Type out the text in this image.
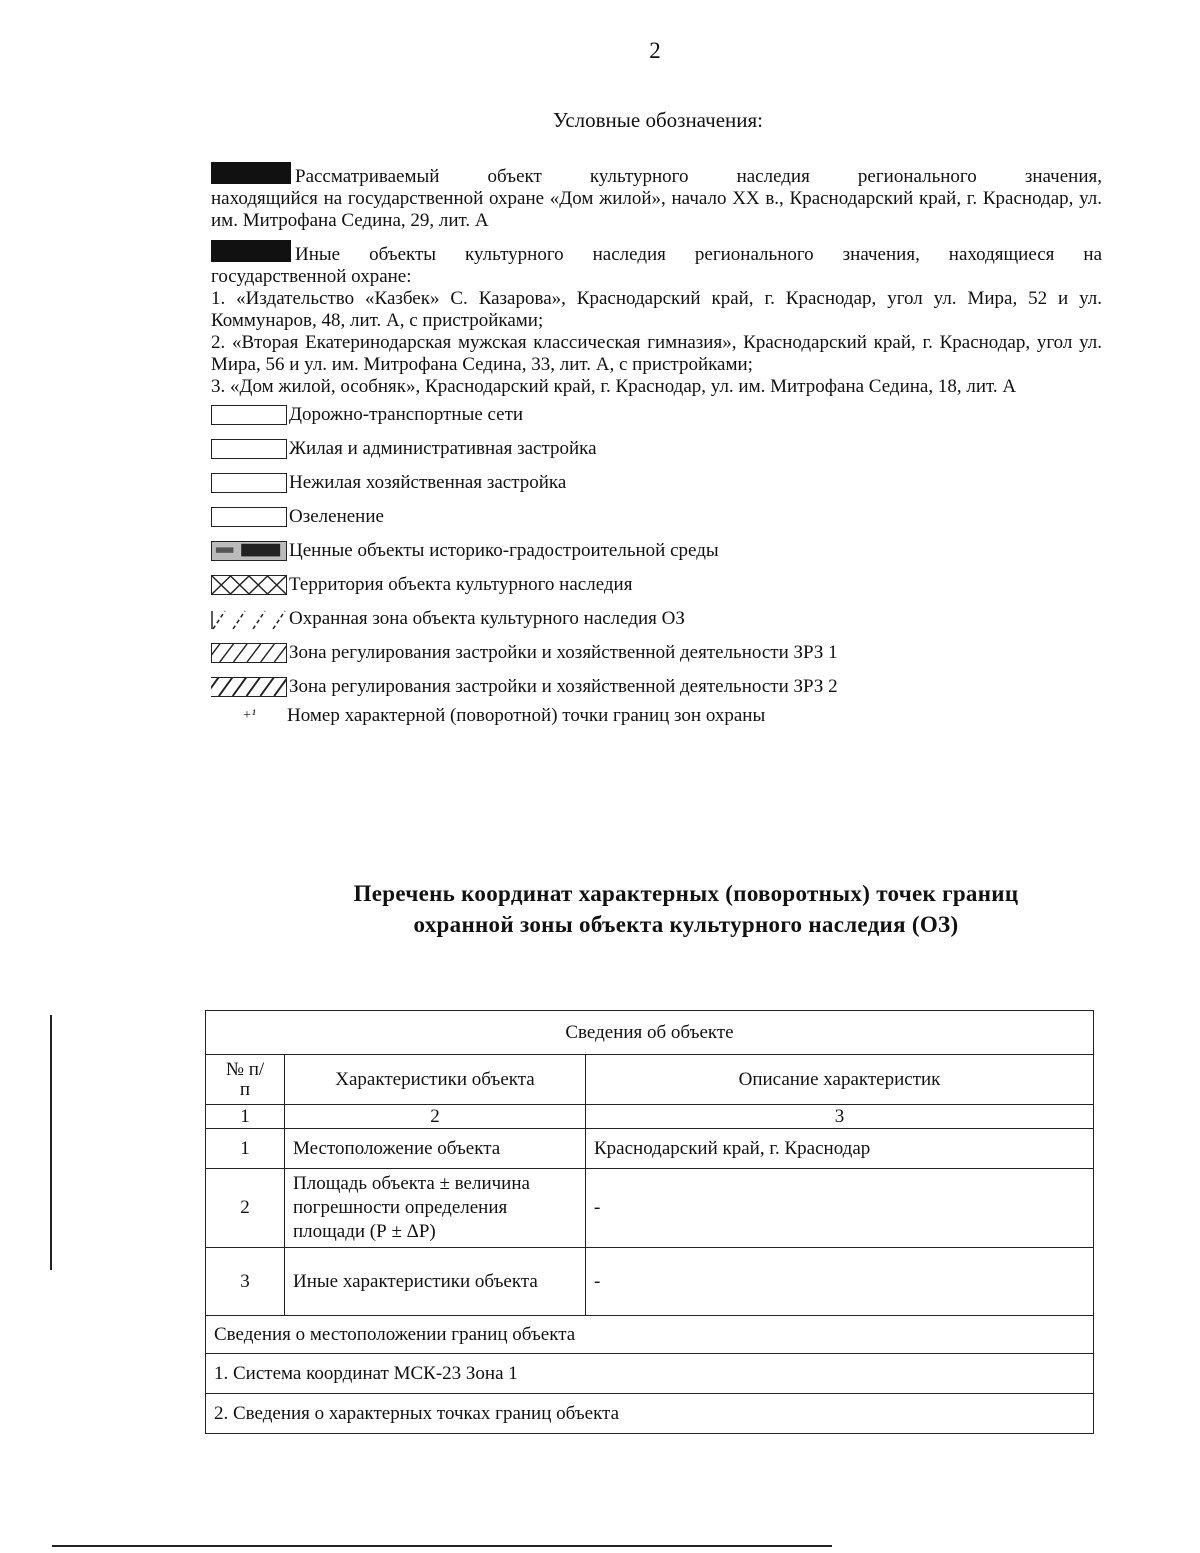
2
Условные обозначения:
Рассматриваемый объект культурного наследия регионального значения,

находящийся на государственной охране «Дом жилой», начало XX в., Краснодарский край, г. Краснодар, ул. им. Митрофана Седина, 29, лит. А

Иные объекты культурного наследия регионального значения, находящиеся на

государственной охране:

1. «Издательство «Казбек» С. Казарова», Краснодарский край, г. Краснодар, угол ул. Мира, 52 и ул. Коммунаров, 48, лит. А, с пристройками;

2. «Вторая Екатеринодарская мужская классическая гимназия», Краснодарский край, г. Краснодар, угол ул. Мира, 56 и ул. им. Митрофана Седина, 33, лит. А, с пристройками;

3. «Дом жилой, особняк», Краснодарский край, г. Краснодар, ул. им. Митрофана Седина, 18, лит. А

Дорожно-транспортные сети
Жилая и административная застройка
Нежилая хозяйственная застройка
Озеленение
Ценные объекты историко-градостроительной среды
Территория объекта культурного наследия
Охранная зона объекта культурного наследия ОЗ
Зона регулирования застройки и хозяйственной деятельности ЗРЗ 1
Зона регулирования застройки и хозяйственной деятельности ЗРЗ 2
+¹	Номер характерной (поворотной) точки границ зон охраны
Перечень координат характерных (поворотных) точек границ
охранной зоны объекта культурного наследия (ОЗ)
Сведения об объекте		
№ п/п	Характеристики объекта	Описание характеристик
1	2	3
1	Местоположение объекта	Краснодарский край, г. Краснодар
2	Площадь объекта ± величина погрешности определения площади (Р ± ΔР)	-
3	Иные характеристики объекта	-
Сведения о местоположении границ объекта		
1. Система координат МСК-23 Зона 1		
2. Сведения о характерных точках границ объекта		
